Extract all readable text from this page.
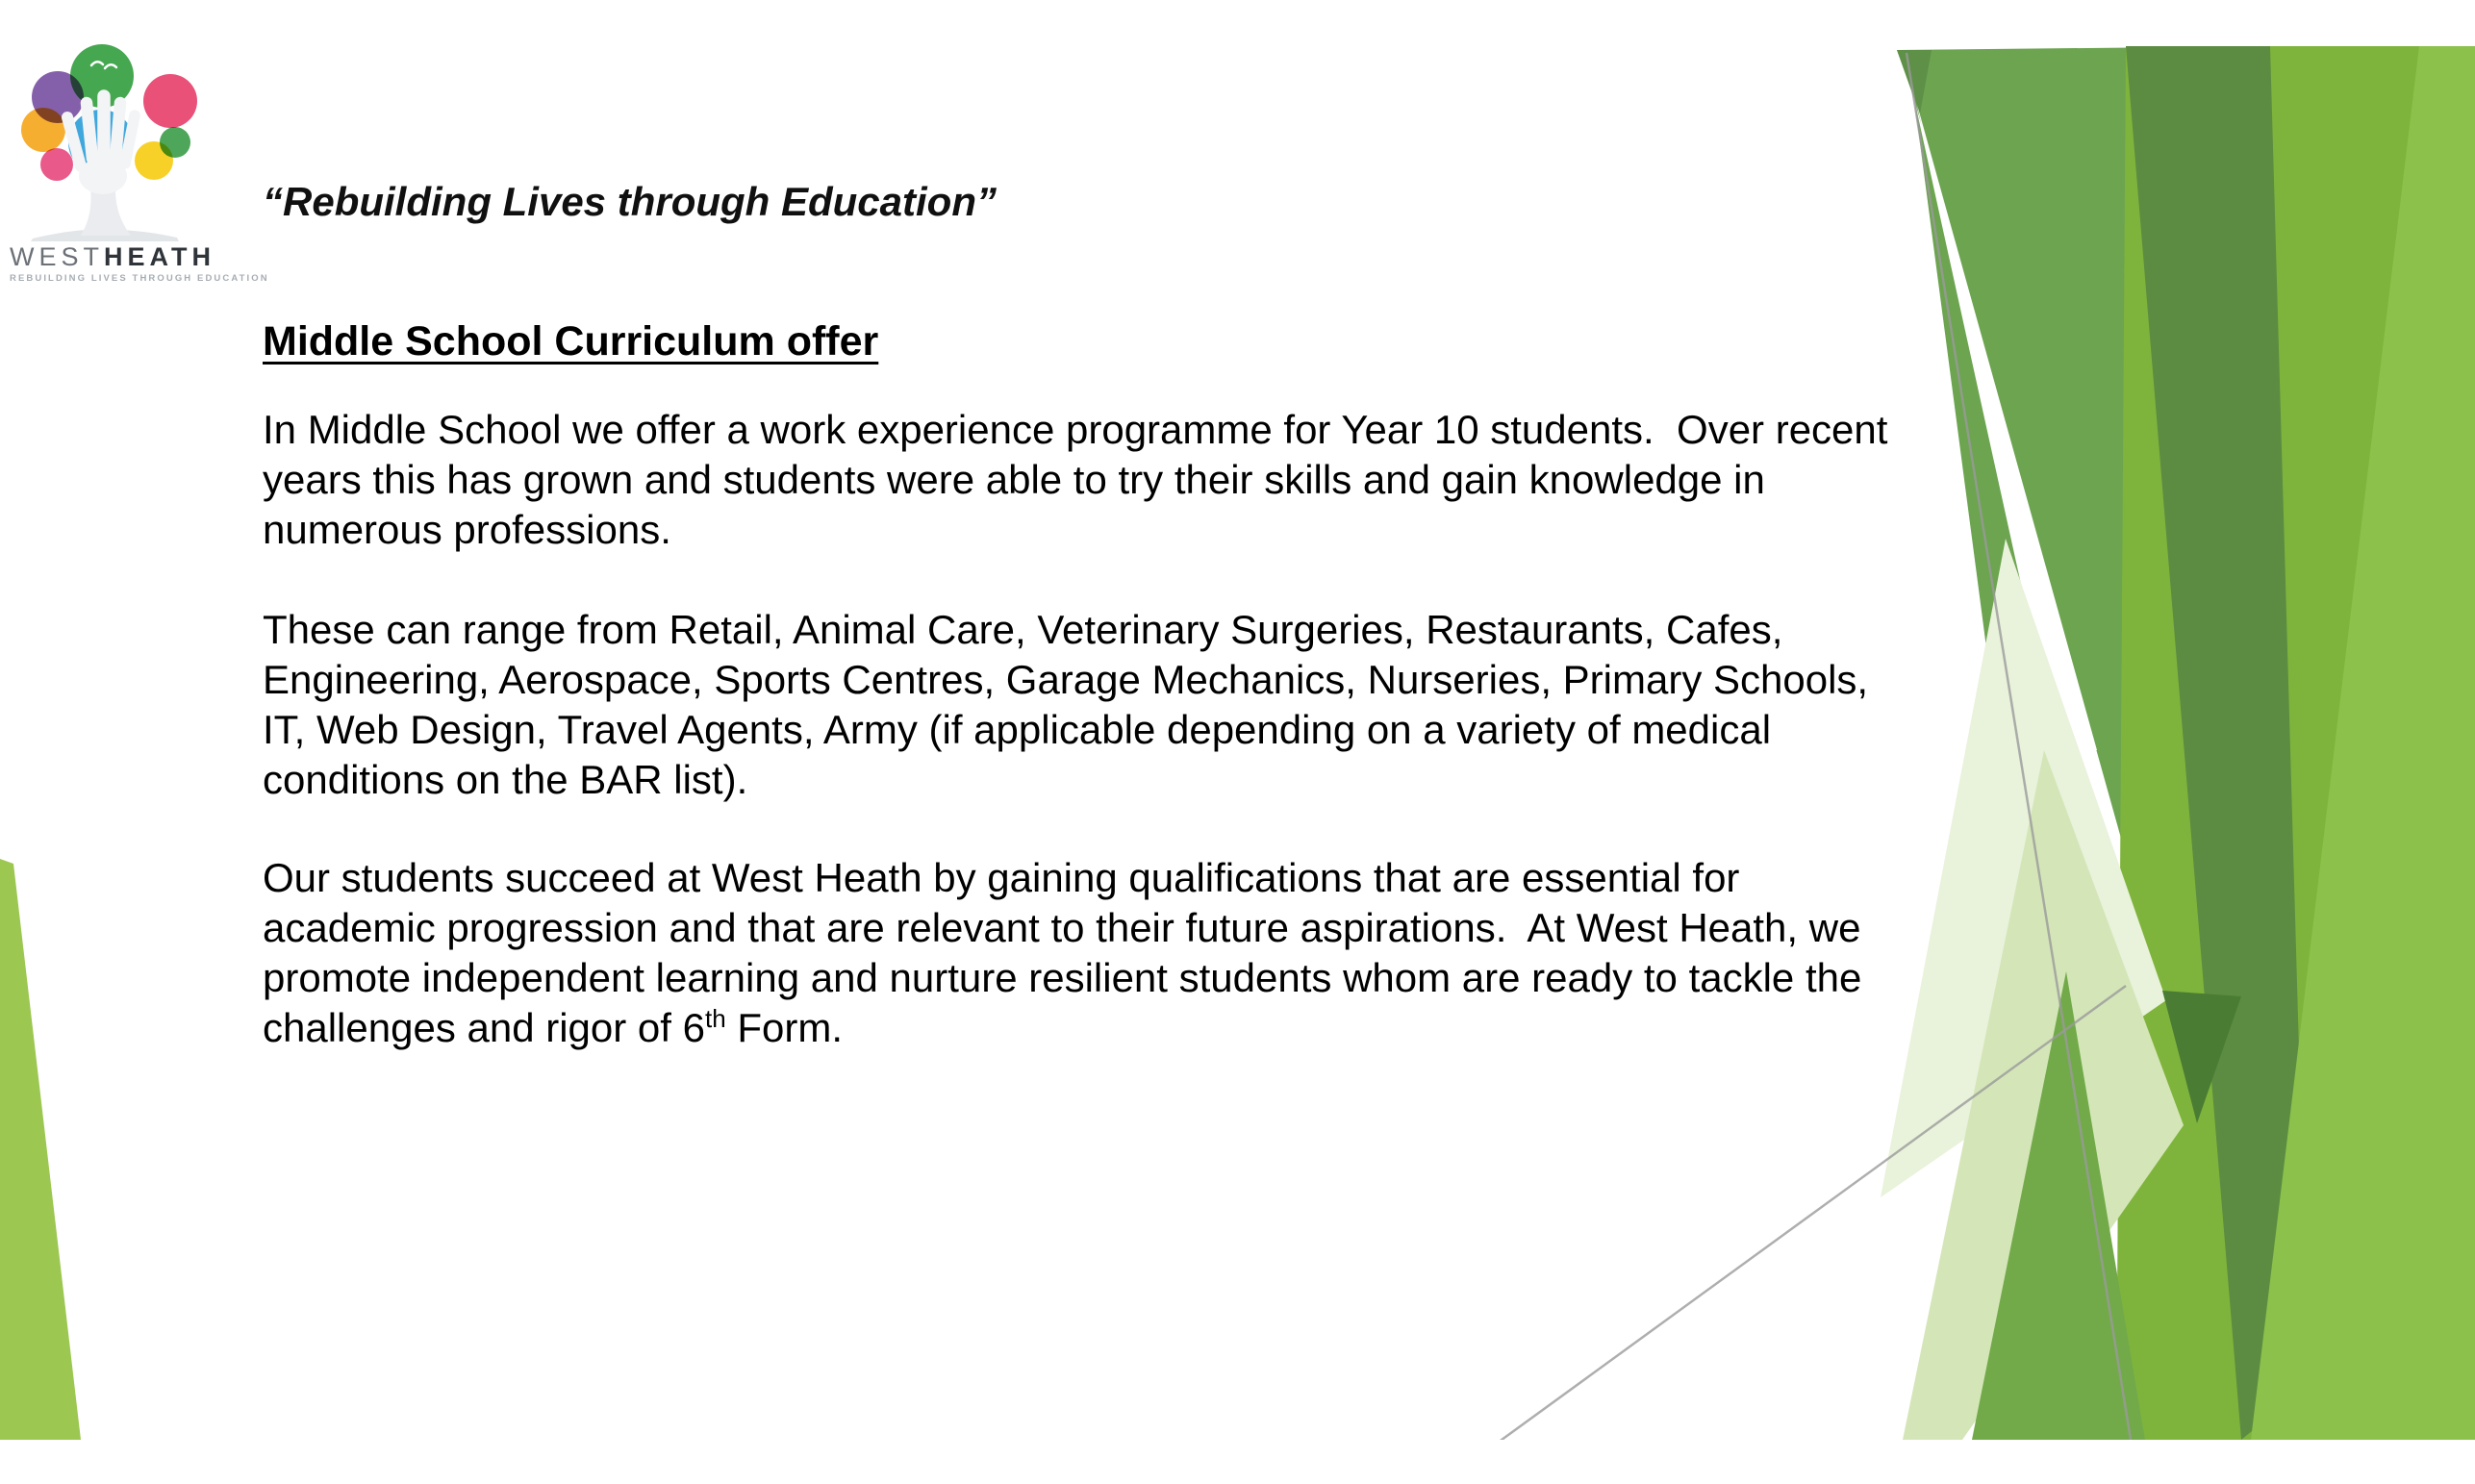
WESTHEATH
REBUILDING LIVES THROUGH EDUCATION
“Rebuilding Lives through Education”
Middle School Curriculum offer

In Middle School we offer a work experience programme for Year 10 students.  Over recent years this has grown and students were able to try their skills and gain knowledge in numerous professions.

These can range from Retail, Animal Care, Veterinary Surgeries, Restaurants, Cafes, Engineering, Aerospace, Sports Centres, Garage Mechanics, Nurseries, Primary Schools, IT, Web Design, Travel Agents, Army (if applicable depending on a variety of medical conditions on the BAR list).

Our students succeed at West Heath by gaining qualifications that are essential for academic progression and that are relevant to their future aspirations.  At West Heath, we promote independent learning and nurture resilient students whom are ready to tackle the challenges and rigor of 6th Form.
